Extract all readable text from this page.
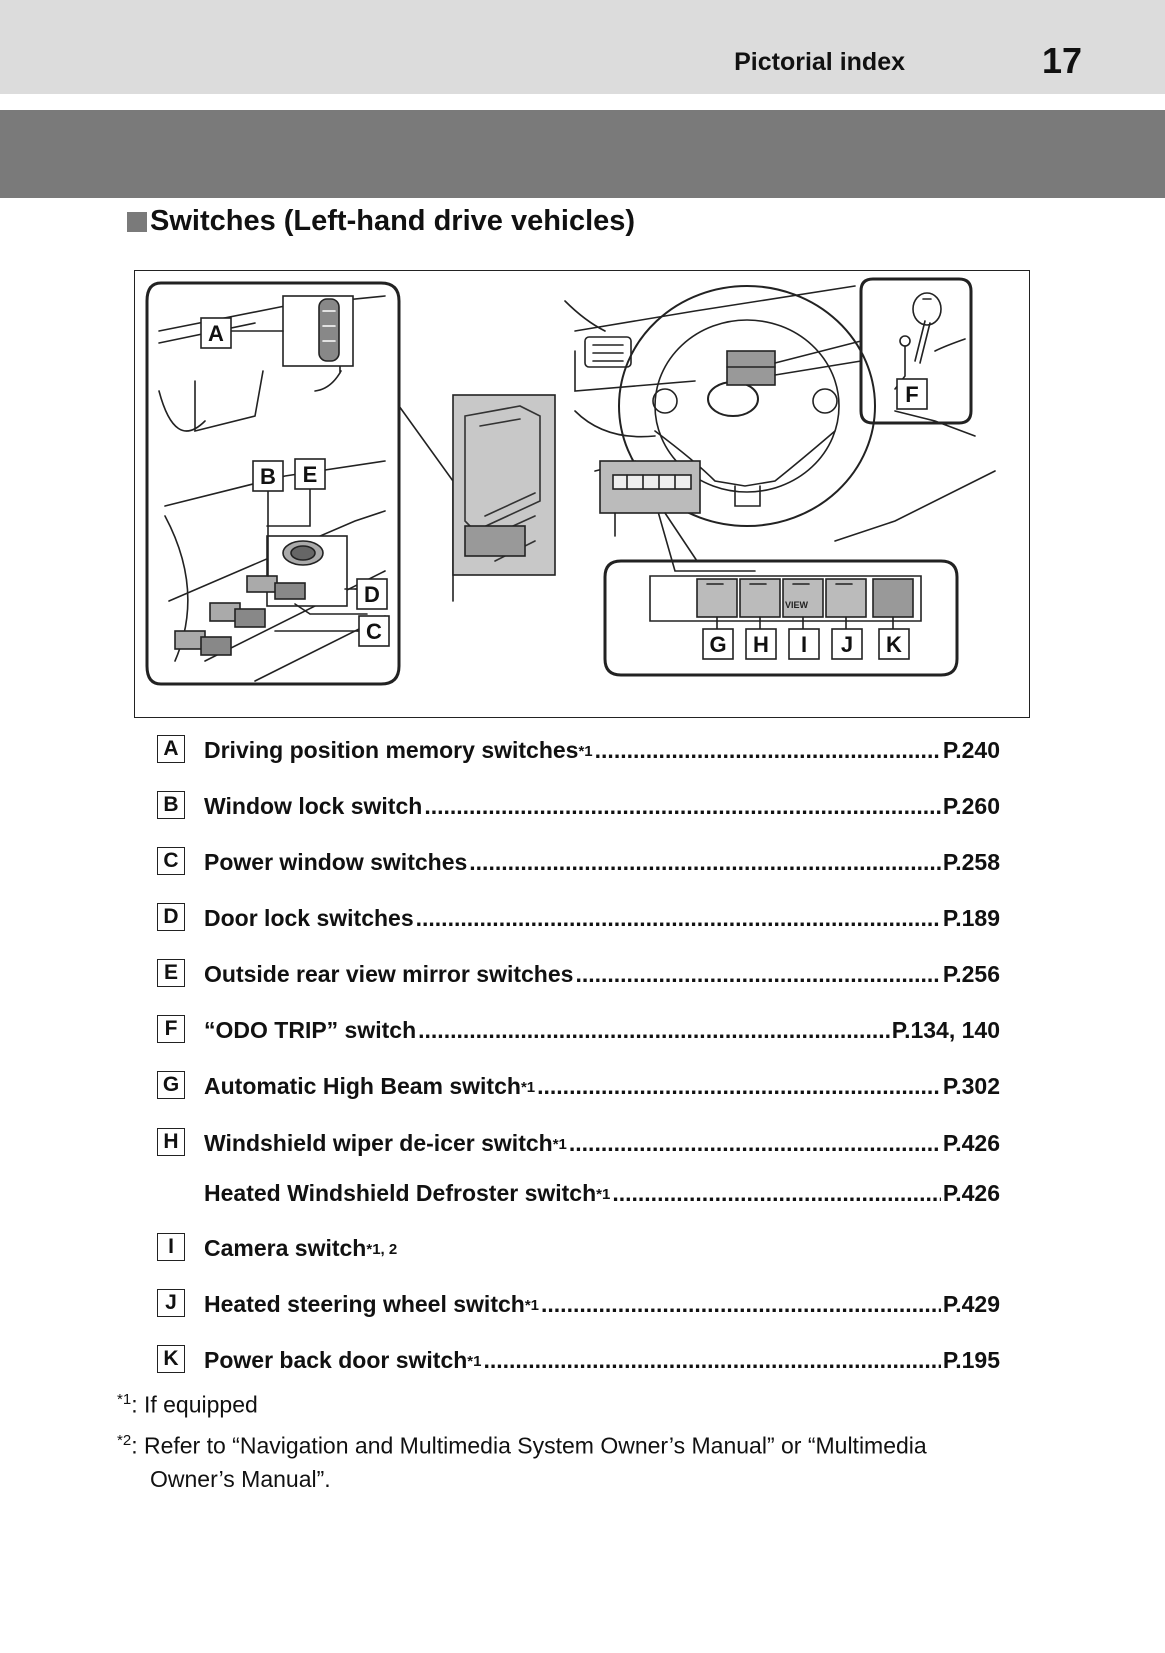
Pictorial index	17
Switches (Left-hand drive vehicles)
VIEW
A
B
C
D
E
F
G H I J K
A Driving position memory switches$^{*1}$ .....	P.240
B Window lock switch .....	P.260
C Power window switches .....	P.258
D Door lock switches .....	P.189
E	Outside rear view mirror switches .....	P.256
F	“ODO TRIP” switch .....	P.134, 140
G Automatic High Beam switch$^{*1}$ .....	P.302
H Windshield wiper de-icer switch$^{*1}$ .....	P.426
Heated Windshield Defroster switch$^{*1}$ .....	P.426
I	Camera switch$^{*1, 2}$
J	Heated steering wheel switch$^{*1}$ .....	P.429
K Power back door switch$^{*1}$ .....	P.195
$^{*1}$: If equipped
$^{*2}$: Refer to “Navigation and Multimedia System Owner’s Manual” or “Multimedia
Owner’s Manual”.
